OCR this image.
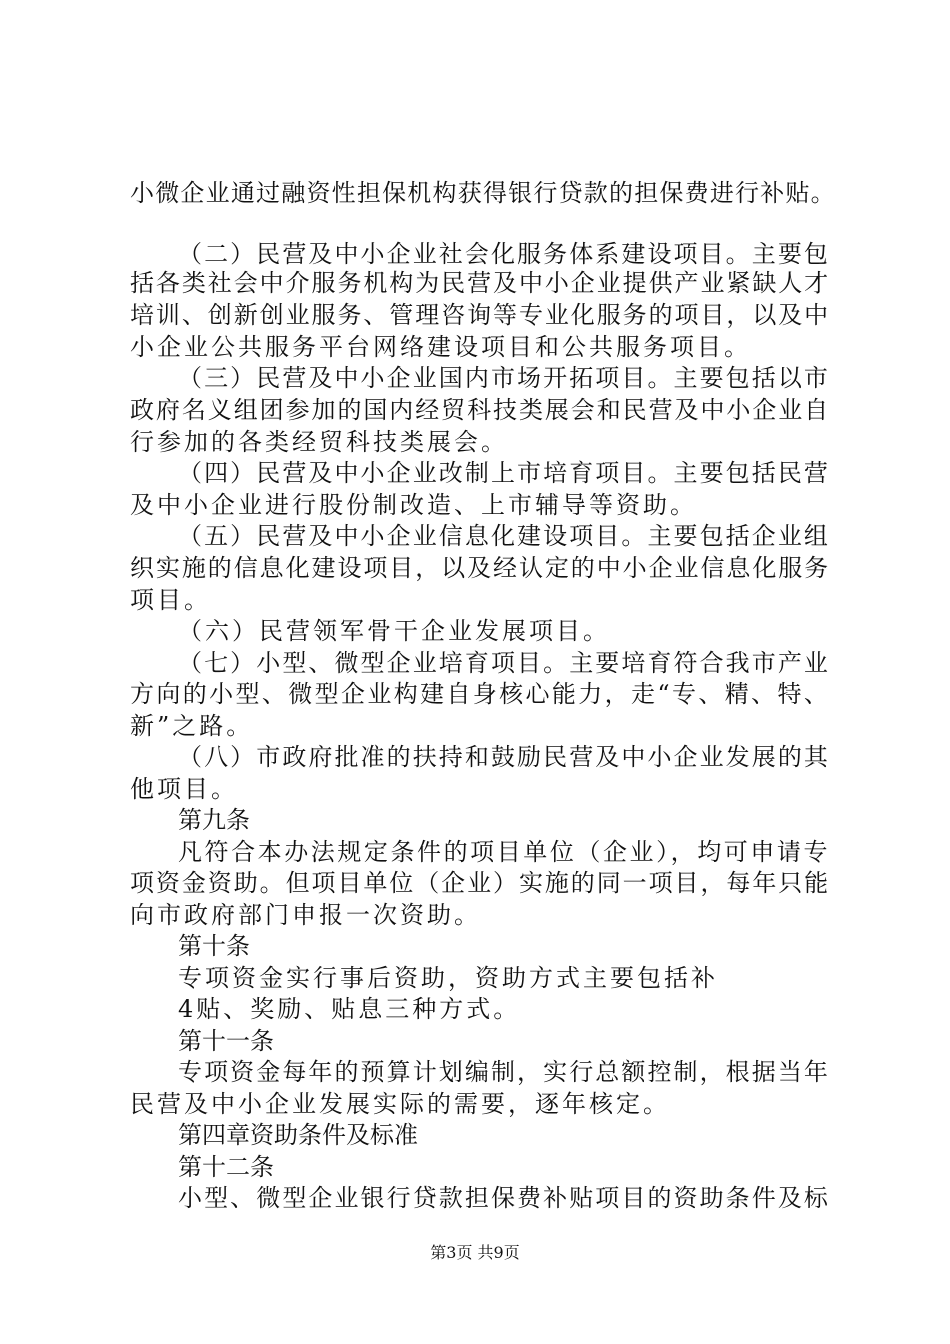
小微企业通过融资性担保机构获得银行贷款的担保费进行补贴。
（二）民营及中小企业社会化服务体系建设项目。主要包
括各类社会中介服务机构为民营及中小企业提供产业紧缺人才
培训、创新创业服务、管理咨询等专业化服务的项目，以及中
小企业公共服务平台网络建设项目和公共服务项目。
（三）民营及中小企业国内市场开拓项目。主要包括以市
政府名义组团参加的国内经贸科技类展会和民营及中小企业自
行参加的各类经贸科技类展会。
（四）民营及中小企业改制上市培育项目。主要包括民营
及中小企业进行股份制改造、上市辅导等资助。
（五）民营及中小企业信息化建设项目。主要包括企业组
织实施的信息化建设项目，以及经认定的中小企业信息化服务
项目。
（六）民营领军骨干企业发展项目。
（七）小型、微型企业培育项目。主要培育符合我市产业
方向的小型、微型企业构建自身核心能力，走“专、精、特、
新”之路。
（八）市政府批准的扶持和鼓励民营及中小企业发展的其
他项目。
第九条
凡符合本办法规定条件的项目单位（企业），均可申请专
项资金资助。但项目单位（企业）实施的同一项目，每年只能
向市政府部门申报一次资助。
第十条
专项资金实行事后资助，资助方式主要包括补
4贴、奖励、贴息三种方式。
第十一条
专项资金每年的预算计划编制，实行总额控制，根据当年
民营及中小企业发展实际的需要，逐年核定。
第四章资助条件及标准
第十二条
小型、微型企业银行贷款担保费补贴项目的资助条件及标
第3页 共9页
